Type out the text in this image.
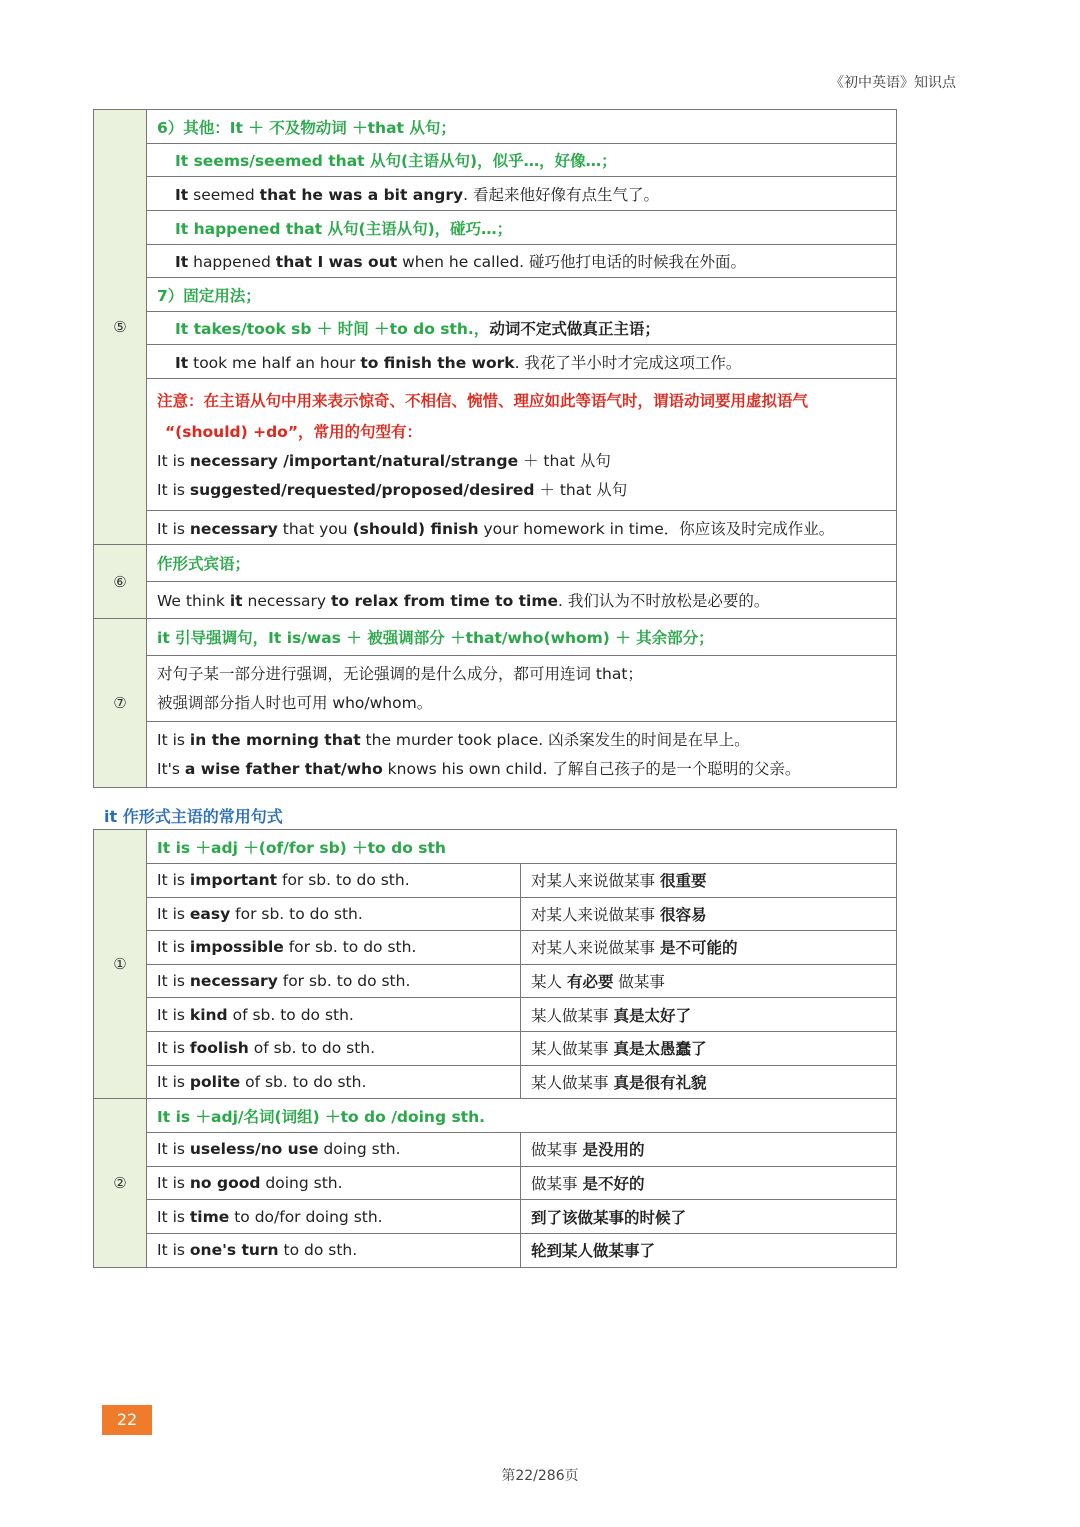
《初中英语》知识点
⑤	6）其他：It ＋ 不及物动词 ＋that 从句；
	It seems/seemed that 从句(主语从句)，似乎…，好像…；
	It seemed that he was a bit angry. 看起来他好像有点生气了。
	It happened that 从句(主语从句)，碰巧…；
	It happened that I was out when he called. 碰巧他打电话的时候我在外面。
	7）固定用法；
	It takes/took sb ＋ 时间 ＋to do sth.，动词不定式做真正主语；
	It took me half an hour to finish the work. 我花了半小时才完成这项工作。

	注意：在主语从句中用来表示惊奇、不相信、惋惜、理应如此等语气时，谓语动词要用虚拟语气
“(should) +do”，常用的句型有：
It is necessary /important/natural/strange ＋ that 从句
It is suggested/requested/proposed/desired ＋ that 从句

	It is necessary that you (should) finish your homework in time．你应该及时完成作业。
⑥	作形式宾语；
	We think it necessary to relax from time to time. 我们认为不时放松是必要的。
⑦	it 引导强调句，It is/was ＋ 被强调部分 ＋that/who(whom) ＋ 其余部分；

	对句子某一部分进行强调，无论强调的是什么成分，都可用连词 that；
被强调部分指人时也可用 who/whom。

	It is in the morning that the murder took place. 凶杀案发生的时间是在早上。
It's a wise father that/who knows his own child. 了解自己孩子的是一个聪明的父亲。
it 作形式主语的常用句式
①	It is ＋adj ＋(of/for sb) ＋to do sth	
	It is important for sb. to do sth.	对某人来说做某事 很重要
	It is easy for sb. to do sth.	对某人来说做某事 很容易
	It is impossible for sb. to do sth.	对某人来说做某事 是不可能的
	It is necessary for sb. to do sth.	某人 有必要 做某事
	It is kind of sb. to do sth.	某人做某事 真是太好了
	It is foolish of sb. to do sth.	某人做某事 真是太愚蠢了
	It is polite of sb. to do sth.	某人做某事 真是很有礼貌
②	It is ＋adj/名词(词组) ＋to do /doing sth.	
	It is useless/no use doing sth.	做某事 是没用的
	It is no good doing sth.	做某事 是不好的
	It is time to do/for doing sth.	到了该做某事的时候了
	It is one's turn to do sth.	轮到某人做某事了
22
第22/286页
